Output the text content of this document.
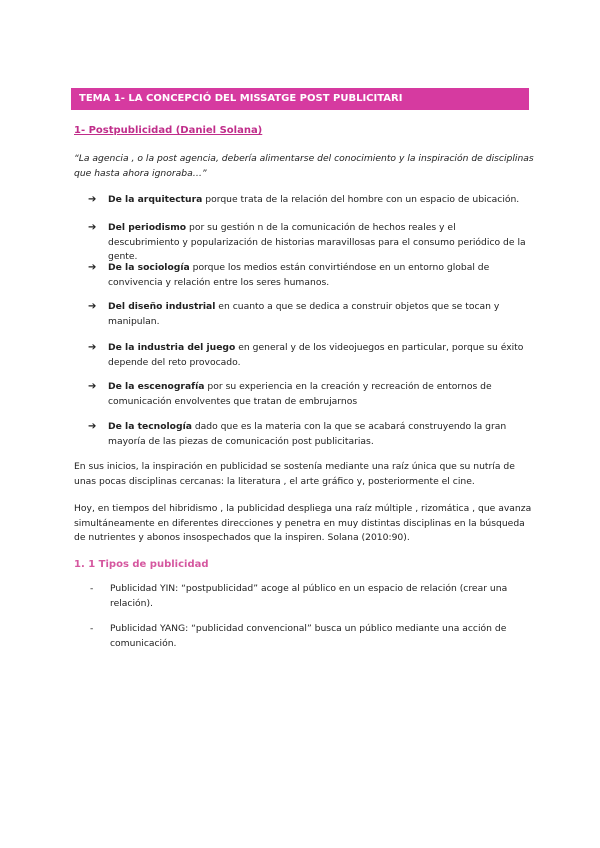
TEMA 1- LA CONCEPCIÓ DEL MISSATGE POST PUBLICITARI
1- Postpublicidad (Daniel Solana)
“La agencia , o la post agencia, debería alimentarse del conocimiento y la inspiración de disciplinas que hasta ahora ignoraba…”
➔ De la arquitectura porque trata de la relación del hombre con un espacio de ubicación.
➔ Del periodismo por su gestión n de la comunicación de hechos reales y el descubrimiento y popularización de historias maravillosas para el consumo periódico de la gente.
➔ De la sociología porque los medios están convirtiéndose en un entorno global de convivencia y relación entre los seres humanos.
➔ Del diseño industrial en cuanto a que se dedica a construir objetos que se tocan y manipulan.
➔ De la industria del juego en general y de los videojuegos en particular, porque su éxito depende del reto provocado.
➔ De la escenografía por su experiencia en la creación y recreación de entornos de comunicación envolventes que tratan de embrujarnos
➔ De la tecnología dado que es la materia con la que se acabará construyendo la gran mayoría de las piezas de comunicación post publicitarias.
En sus inicios, la inspiración en publicidad se sostenía mediante una raíz única que su nutría de unas pocas disciplinas cercanas: la literatura , el arte gráfico y, posteriormente el cine.
Hoy, en tiempos del hibridismo , la publicidad despliega una raíz múltiple , rizomática , que avanza simultáneamente en diferentes direcciones y penetra en muy distintas disciplinas en la búsqueda de nutrientes y abonos insospechados que la inspiren. Solana (2010:90).
1. 1 Tipos de publicidad
- Publicidad YIN: “postpublicidad” acoge al público en un espacio de relación (crear una relación).
- Publicidad YANG: “publicidad convencional” busca un público mediante una acción de comunicación.
